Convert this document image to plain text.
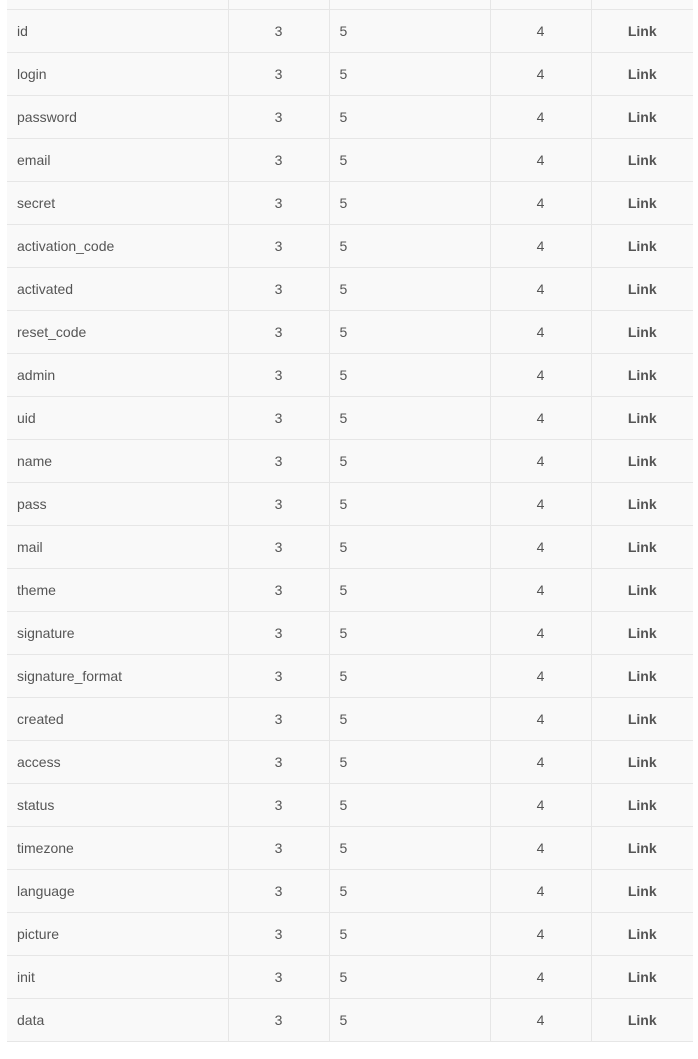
id	3	5	4	Link
login	3	5	4	Link
password	3	5	4	Link
email	3	5	4	Link
secret	3	5	4	Link
activation_code	3	5	4	Link
activated	3	5	4	Link
reset_code	3	5	4	Link
admin	3	5	4	Link
uid	3	5	4	Link
name	3	5	4	Link
pass	3	5	4	Link
mail	3	5	4	Link
theme	3	5	4	Link
signature	3	5	4	Link
signature_format	3	5	4	Link
created	3	5	4	Link
access	3	5	4	Link
status	3	5	4	Link
timezone	3	5	4	Link
language	3	5	4	Link
picture	3	5	4	Link
init	3	5	4	Link
data	3	5	4	Link
